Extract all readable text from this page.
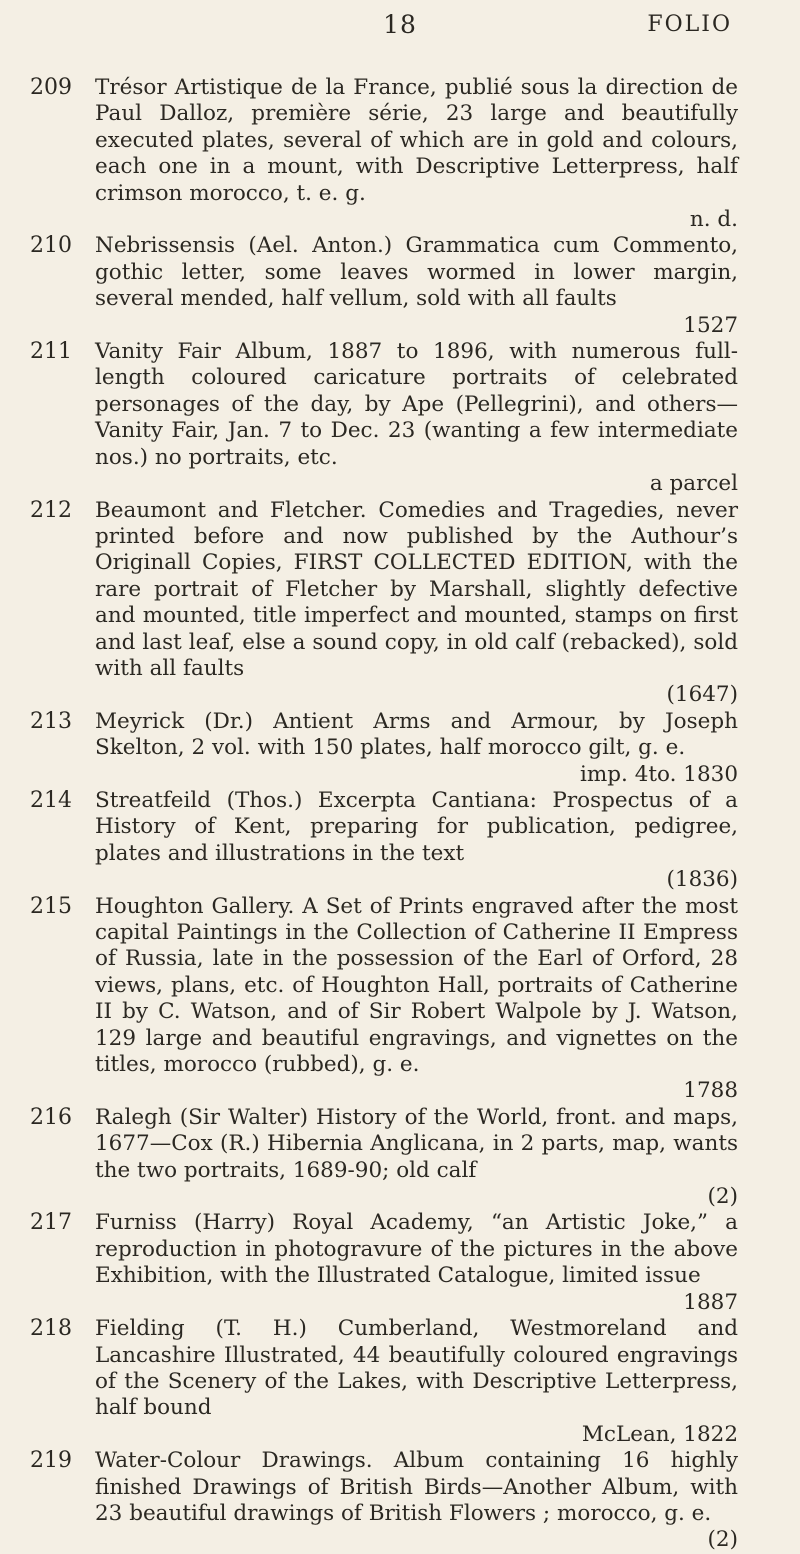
18	FOLIO
209	Trésor Artistique de la France, publié sous la direction de Paul Dalloz, première série, 23 large and beautifully executed plates, several of which are in gold and colours, each one in a mount, with Descriptive Letterpress, half crimson morocco, t. e. g.
n. d.
210	Nebrissensis (Ael. Anton.) Grammatica cum Commento, gothic letter, some leaves wormed in lower margin, several mended, half vellum, sold with all faults
1527
211	Vanity Fair Album, 1887 to 1896, with numerous full-length coloured caricature portraits of celebrated personages of the day, by Ape (Pellegrini), and others—Vanity Fair, Jan. 7 to Dec. 23 (wanting a few intermediate nos.) no portraits, etc.
a parcel
212	Beaumont and Fletcher. Comedies and Tragedies, never printed before and now published by the Authour’s Originall Copies, FIRST COLLECTED EDITION, with the rare portrait of Fletcher by Marshall, slightly defective and mounted, title imperfect and mounted, stamps on first and last leaf, else a sound copy, in old calf (rebacked), sold with all faults
(1647)
213	Meyrick (Dr.) Antient Arms and Armour, by Joseph Skelton, 2 vol. with 150 plates, half morocco gilt, g. e.
imp. 4to. 1830
214	Streatfeild (Thos.) Excerpta Cantiana: Prospectus of a History of Kent, preparing for publication, pedigree, plates and illustrations in the text
(1836)
215	Houghton Gallery. A Set of Prints engraved after the most capital Paintings in the Collection of Catherine II Empress of Russia, late in the possession of the Earl of Orford, 28 views, plans, etc. of Houghton Hall, portraits of Catherine II by C. Watson, and of Sir Robert Walpole by J. Watson, 129 large and beautiful engravings, and vignettes on the titles, morocco (rubbed), g. e.
1788
216	Ralegh (Sir Walter) History of the World, front. and maps, 1677—Cox (R.) Hibernia Anglicana, in 2 parts, map, wants the two portraits, 1689-90; old calf
(2)
217	Furniss (Harry) Royal Academy, “an Artistic Joke,” a reproduction in photogravure of the pictures in the above Exhibition, with the Illustrated Catalogue, limited issue
1887
218	Fielding (T. H.) Cumberland, Westmoreland and Lancashire Illustrated, 44 beautifully coloured engravings of the Scenery of the Lakes, with Descriptive Letterpress, half bound
McLean, 1822
219	Water-Colour Drawings. Album containing 16 highly finished Drawings of British Birds—Another Album, with 23 beautiful drawings of British Flowers ; morocco, g. e.
(2)
